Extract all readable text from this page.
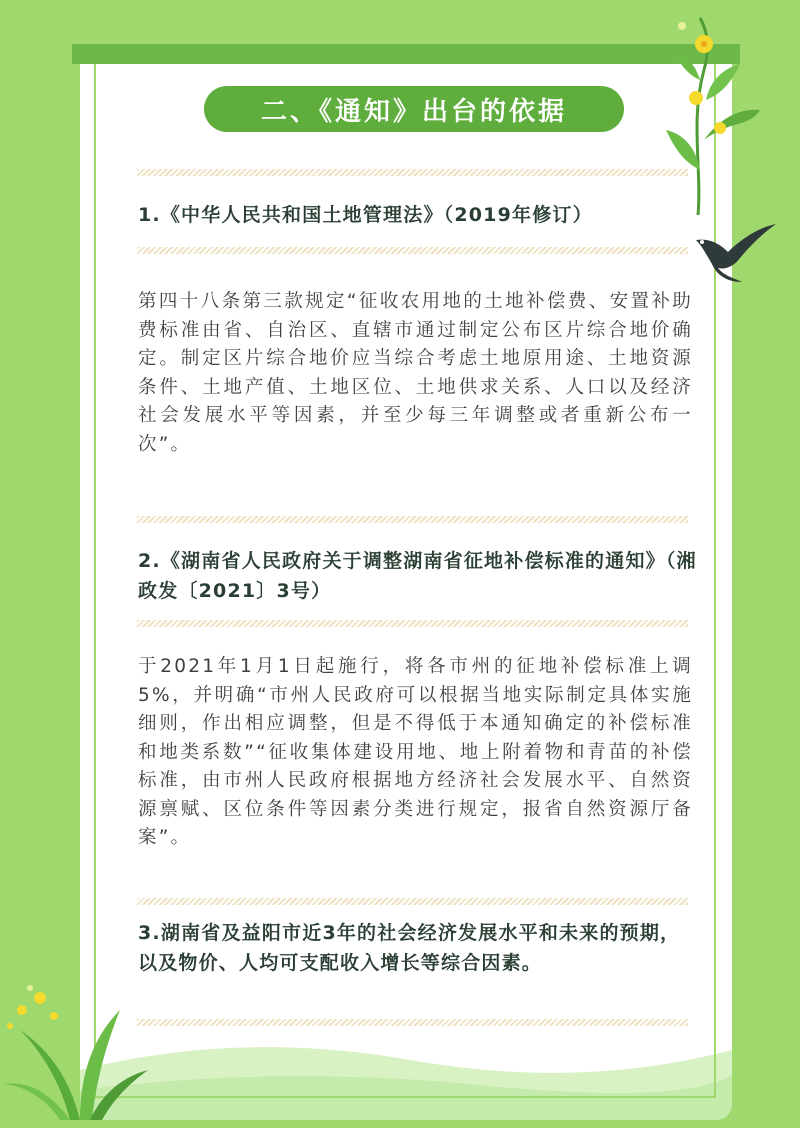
二、《通知》出台的依据
1.《中华人民共和国土地管理法》（2019年修订）
第四十八条第三款规定“征收农用地的土地补偿费、安置补助费标准由省、自治区、直辖市通过制定公布区片综合地价确定。制定区片综合地价应当综合考虑土地原用途、土地资源条件、土地产值、土地区位、土地供求关系、人口以及经济社会发展水平等因素，并至少每三年调整或者重新公布一次”。
2.《湖南省人民政府关于调整湖南省征地补偿标准的通知》（湘政发〔2021〕3号）
于2021年1月1日起施行，将各市州的征地补偿标准上调5%，并明确“市州人民政府可以根据当地实际制定具体实施细则，作出相应调整，但是不得低于本通知确定的补偿标准和地类系数”“征收集体建设用地、地上附着物和青苗的补偿标准，由市州人民政府根据地方经济社会发展水平、自然资源禀赋、区位条件等因素分类进行规定，报省自然资源厅备案”。
3.湖南省及益阳市近3年的社会经济发展水平和未来的预期，以及物价、人均可支配收入增长等综合因素。
